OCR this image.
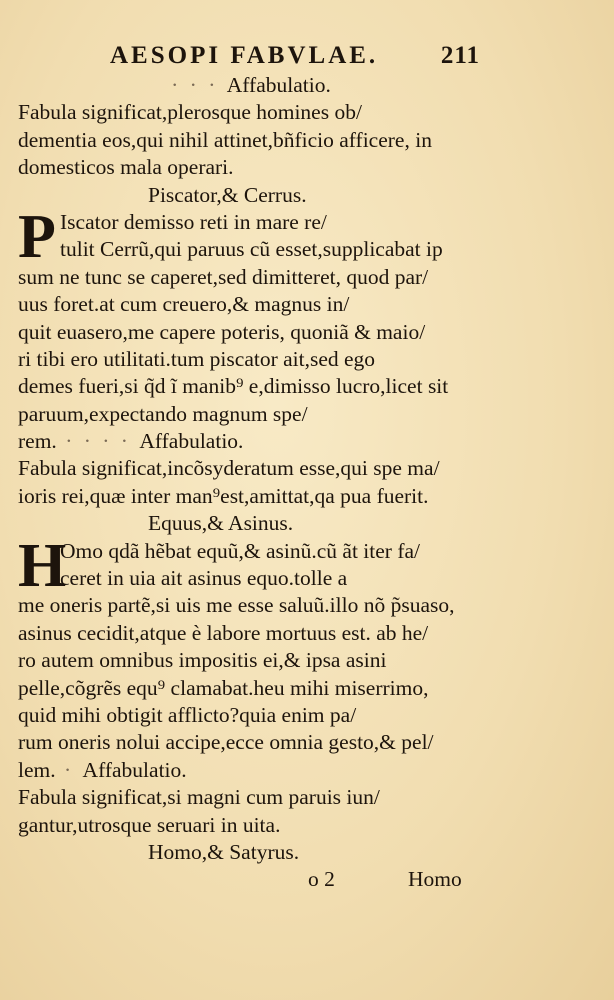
AESOPI FABVLAE.	211
· · · Affabulatio.
Fabula significat,plerosque homines ob/
dementia eos,qui nihil attinet,bñficio afficere, in
domesticos mala operari.
Piscator,& Cerrus.
P Iscator demisso reti in mare re/
tulit Cerrũ,qui paruus cũ esset,supplicabat ip
sum ne tunc se caperet,sed dimitteret, quod par/
uus foret.at cum creuero,& magnus in/
quit euasero,me capere poteris, quoniã & maio/
ri tibi ero utilitati.tum piscator ait,sed ego
demes fueri,si q̃d ĩ manib⁹ e,dimisso lucro,licet sit
paruum,expectando magnum spe/
rem. · · · · Affabulatio.
Fabula significat,incõsyderatum esse,qui spe ma/
ioris rei,quæ inter man⁹est,amittat,qa pua fuerit.
Equus,& Asinus.
H
Omo qdã hẽbat equũ,& asinũ.cũ ãt iter fa/
ceret in uia ait asinus equo.tolle a
me oneris partẽ,si uis me esse saluũ.illo nõ p̃suaso,
asinus cecidit,atque è labore mortuus est. ab he/
ro autem omnibus impositis ei,& ipsa asini
pelle,cõgrẽs equ⁹ clamabat.heu mihi miserrimo,
quid mihi obtigit afflicto?quia enim pa/
rum oneris nolui accipe,ecce omnia gesto,& pel/
lem. · Affabulatio.
Fabula significat,si magni cum paruis iun/
gantur,utrosque seruari in uita.
Homo,& Satyrus.
o 2	Homo
